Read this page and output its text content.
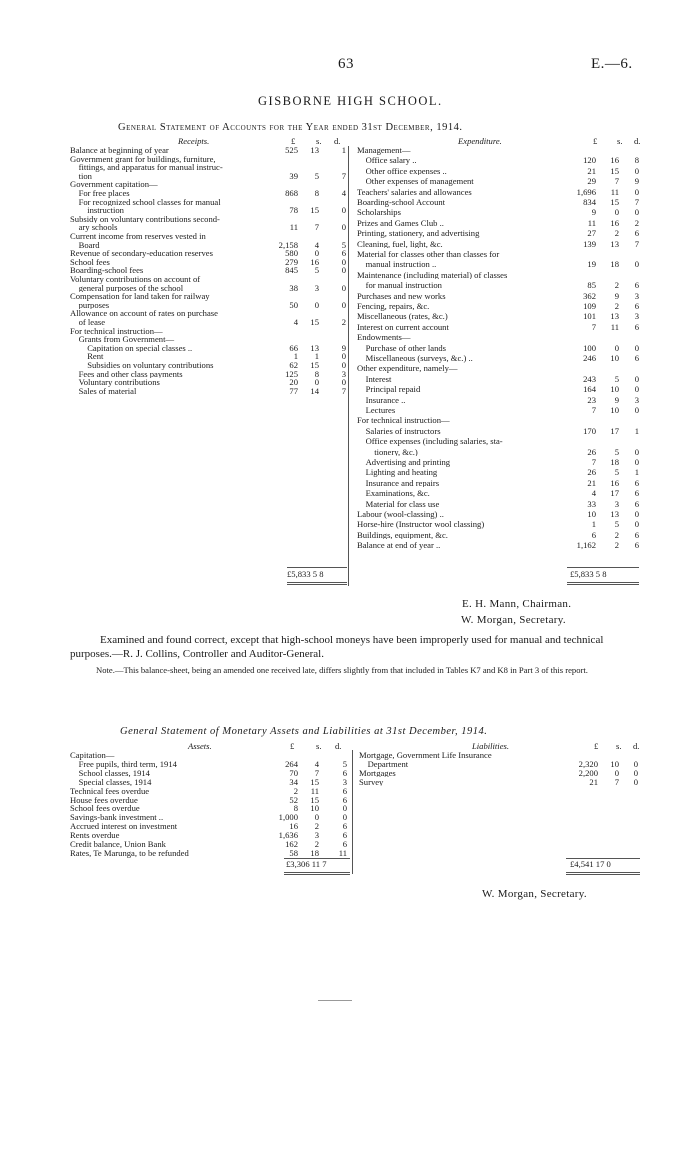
63	E.—6.
GISBORNE HIGH SCHOOL.
General Statement of Accounts for the Year ended 31st December, 1914.
Receipts.	£ s. d.	Expenditure.	£ s. d.
Balance at beginning of year	525	13	1
Government grant for buildings, furniture,
fittings, and apparatus for manual instruc-
tion	39	5	7
Government capitation—
For free places	868	8	4
For recognized school classes for manual
instruction	78	15	0
Subsidy on voluntary contributions second-
ary schools	11	7	0
Current income from reserves vested in
Board	2,158	4	5
Revenue of secondary-education reserves	580	0	6
School fees	279	16	0
Boarding-school fees	845	5	0
Voluntary contributions on account of
general purposes of the school	38	3	0
Compensation for land taken for railway
purposes	50	0	0
Allowance on account of rates on purchase
of lease	4	15	2
For technical instruction—
Grants from Government—
Capitation on special classes ..	66	13	9
Rent	1	1	0
Subsidies on voluntary contributions	62	15	0
Fees and other class payments	125	8	3
Voluntary contributions	20	0	0
Sales of material	77	14	7
Management—
Office salary ..	120	16	8
Other office expenses ..	21	15	0
Other expenses of management	29	7	9
Teachers' salaries and allowances	1,696	11	0
Boarding-school Account	834	15	7
Scholarships	9	0	0
Prizes and Games Club ..	11	16	2
Printing, stationery, and advertising	27	2	6
Cleaning, fuel, light, &c.	139	13	7
Material for classes other than classes for
manual instruction ..	19	18	0
Maintenance (including material) of classes
for manual instruction	85	2	6
Purchases and new works	362	9	3
Fencing, repairs, &c.	109	2	6
Miscellaneous (rates, &c.)	101	13	3
Interest on current account	7	11	6
Endowments—
Purchase of other lands	100	0	0
Miscellaneous (surveys, &c.) ..	246	10	6
Other expenditure, namely—
Interest	243	5	0
Principal repaid	164	10	0
Insurance ..	23	9	3
Lectures	7	10	0
For technical instruction—
Salaries of instructors	170	17	1
Office expenses (including salaries, sta-
tionery, &c.)	26	5	0
Advertising and printing	7	18	0
Lighting and heating	26	5	1
Insurance and repairs	21	16	6
Examinations, &c.	4	17	6
Material for class use	33	3	6
Labour (wool-classing) ..	10	13	0
Horse-hire (Instructor wool classing)	1	5	0
Buildings, equipment, &c.	6	2	6
Balance at end of year ..	1,162	2	6
£5,833 5 8	£5,833 5 8
E. H. Mann, Chairman.
W. Morgan, Secretary.
Examined and found correct, except that high-school moneys have been improperly used for manual and technical purposes.—R. J. Collins, Controller and Auditor-General.
Note.—This balance-sheet, being an amended one received late, differs slightly from that included in Tables K7 and K8 in Part 3 of this report.
General Statement of Monetary Assets and Liabilities at 31st December, 1914.
Assets.	£	s. d.	Liabilities.	£ s. d.
Capitation—
Free pupils, third term, 1914	264	4	5
School classes, 1914	70	7	6
Special classes, 1914	34	15	3
Technical fees overdue	2	11	6
House fees overdue	52	15	6
School fees overdue	8	10	0
Savings-bank investment ..	1,000	0	0
Accrued interest on investment	16	2	6
Rents overdue	1,636	3	6
Credit balance, Union Bank	162	2	6
Rates, Te Marunga, to be refunded	58	18 11
Mortgage, Government Life Insurance
Department	2,320	10	0
Mortgages	2,200	0	0
Survey	21	7	0
£3,306 11 7	£4,541 17 0
W. Morgan, Secretary.
